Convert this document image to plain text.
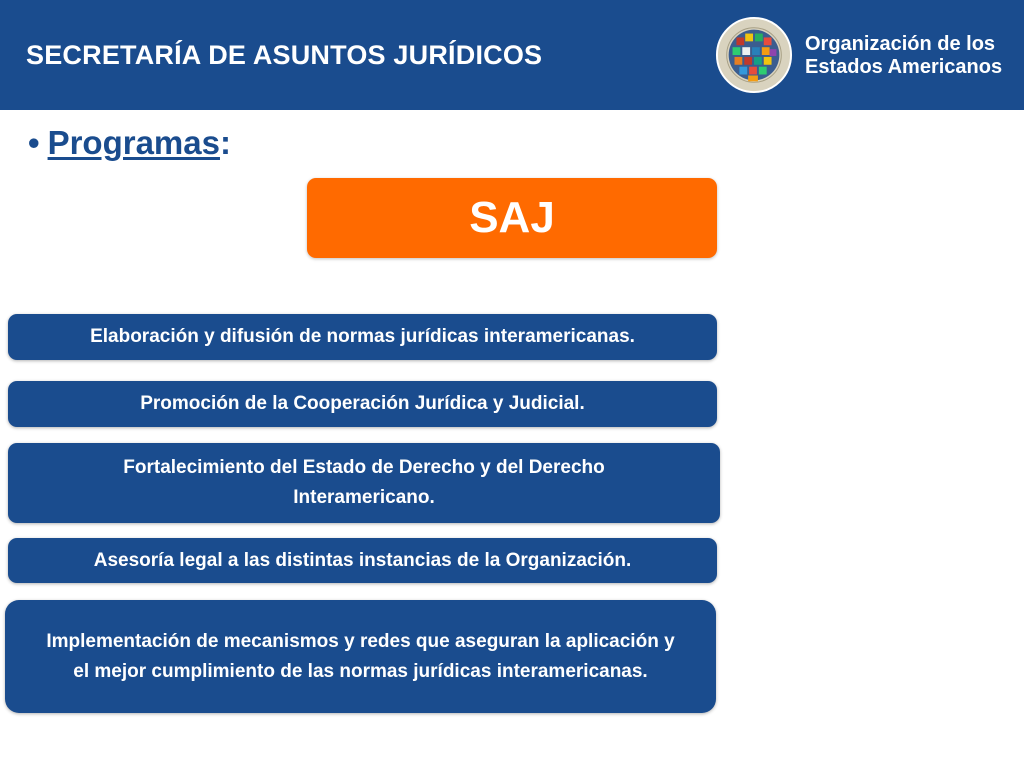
SECRETARÍA DE ASUNTOS JURÍDICOS	Organización de los
Estados Americanos
• Programas:
SAJ
Elaboración y difusión de normas jurídicas interamericanas.
Promoción de la Cooperación Jurídica y Judicial.
Fortalecimiento del Estado de Derecho y del Derecho Interamericano.
Asesoría legal a las distintas instancias de la Organización.
Implementación de mecanismos y redes que aseguran la aplicación y el mejor cumplimiento de las normas jurídicas interamericanas.
